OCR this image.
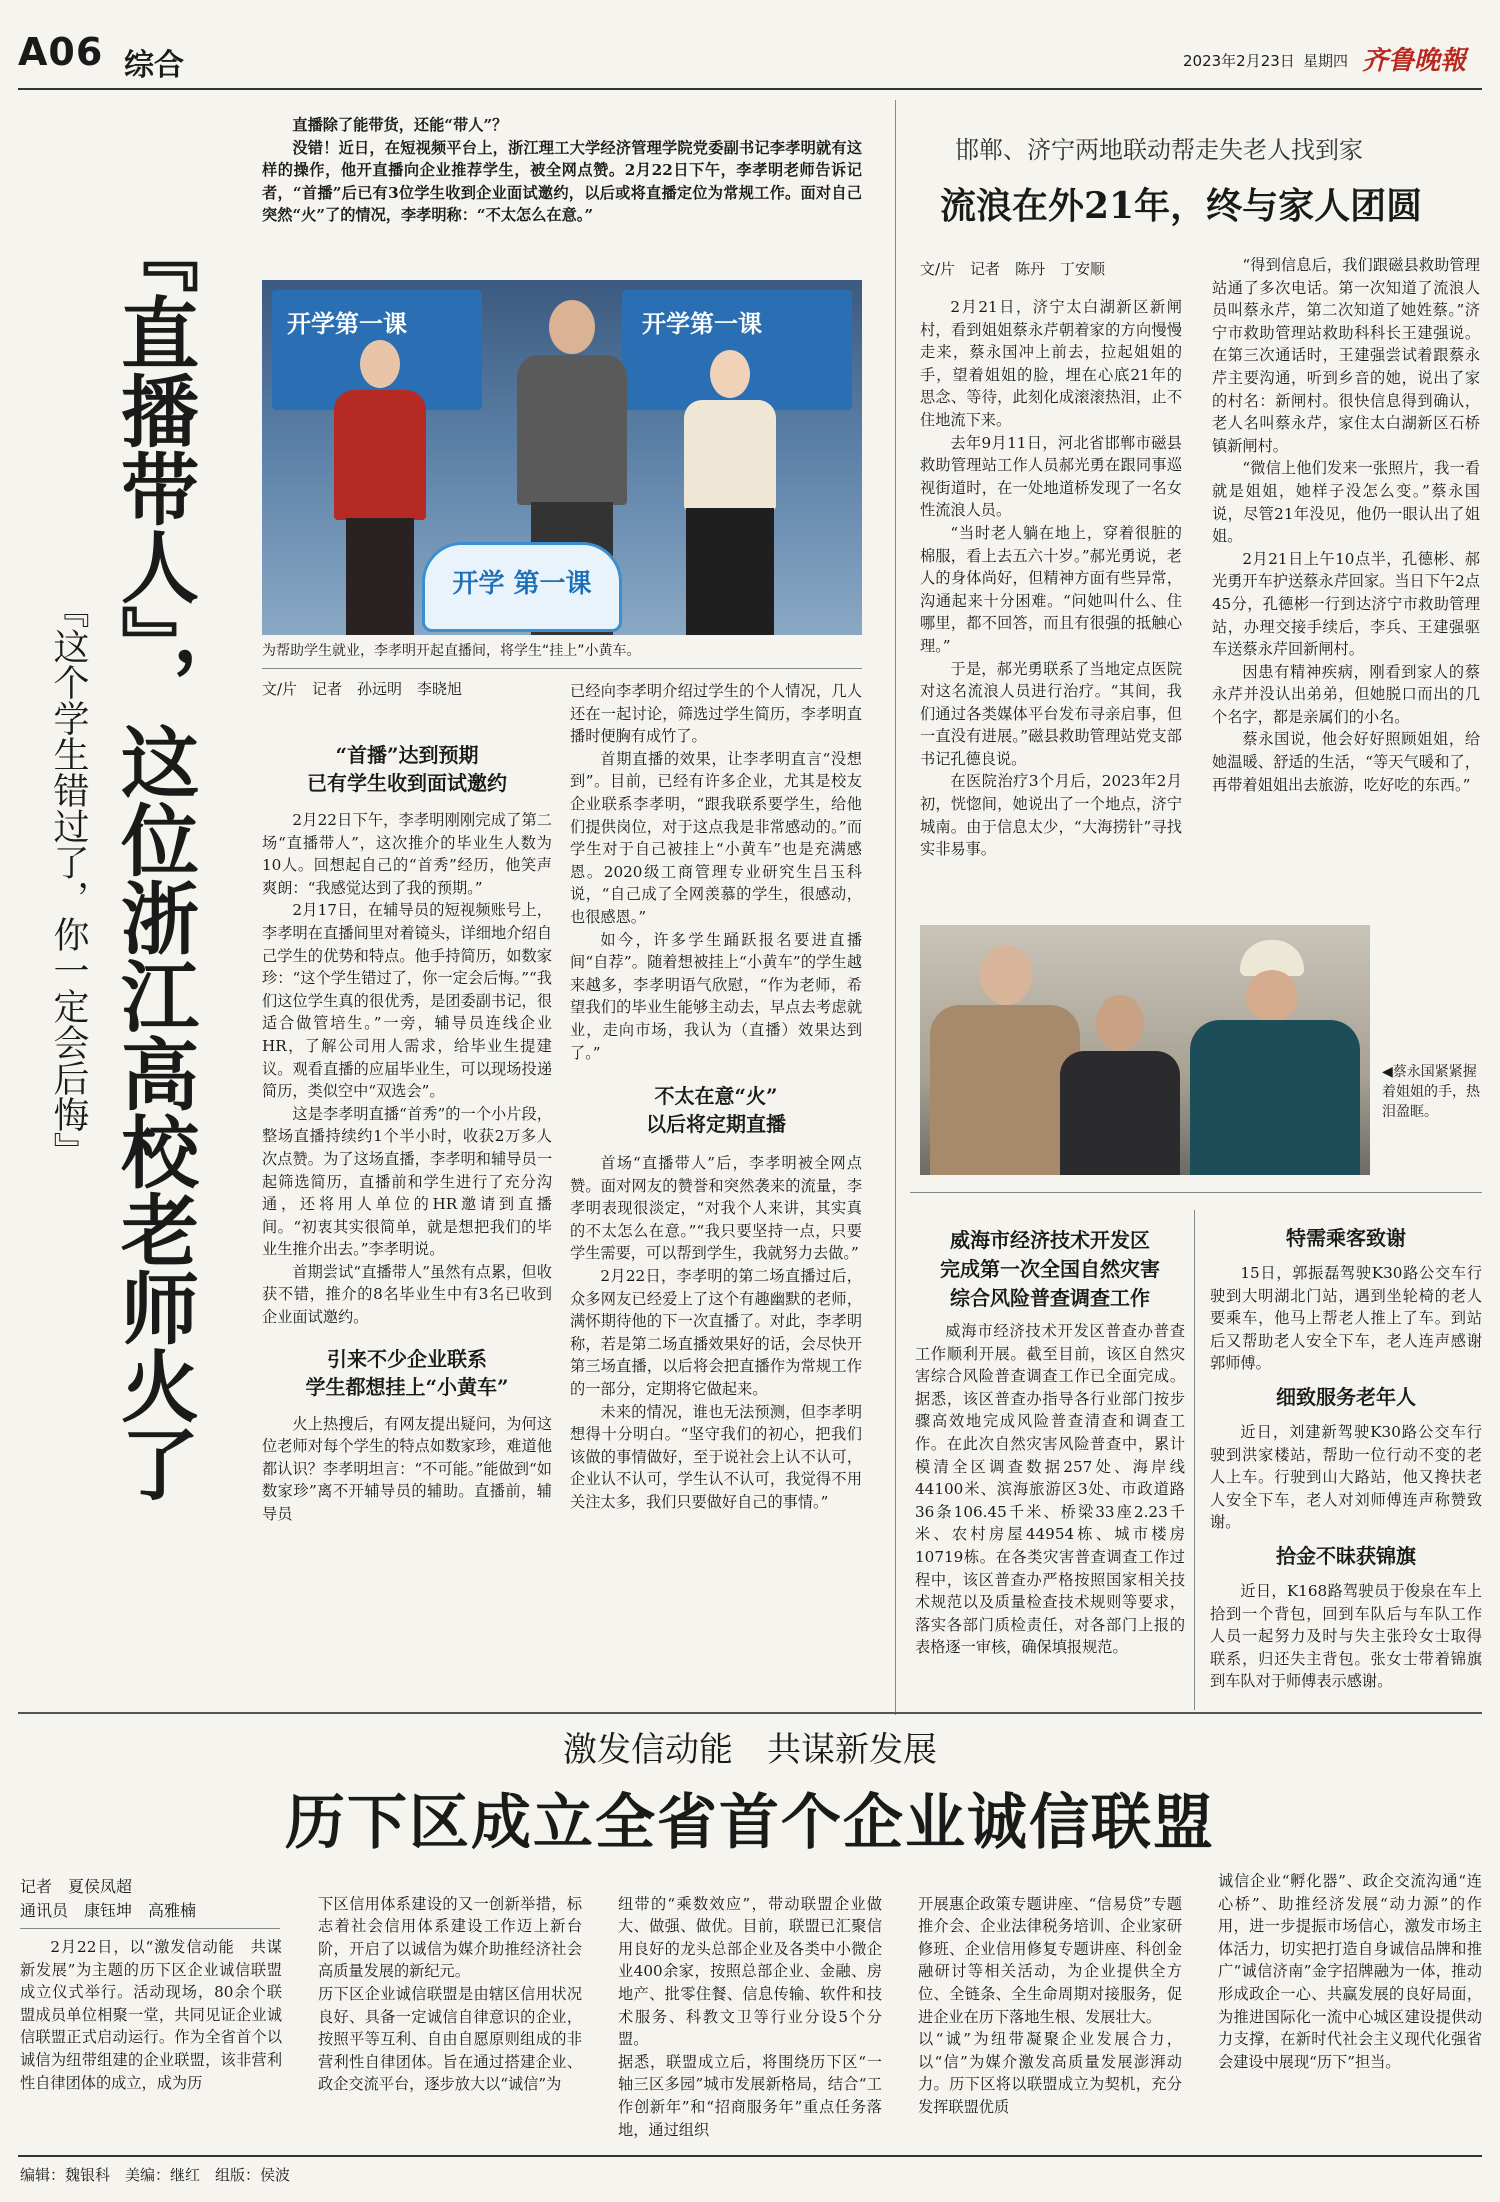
A06 综合	2023年2月23日 星期四 齐鲁晚報
『直播带人』，这位浙江高校老师火了
『这个学生错过了，你一定会后悔』

直播除了能带货，还能“带人”？

没错！近日，在短视频平台上，浙江理工大学经济管理学院党委副书记李孝明就有这样的操作，他开直播向企业推荐学生，被全网点赞。2月22日下午，李孝明老师告诉记者，“首播”后已有3位学生收到企业面试邀约，以后或将直播定位为常规工作。面对自己突然“火”了的情况，李孝明称：“不太怎么在意。”

开学第一课	开学第一课
开学 第一课
为帮助学生就业，李孝明开起直播间，将学生“挂上”小黄车。
文/片　记者　孙远明　李晓旭
“首播”达到预期
已有学生收到面试邀约

2月22日下午，李孝明刚刚完成了第二场“直播带人”，这次推介的毕业生人数为10人。回想起自己的“首秀”经历，他笑声爽朗：“我感觉达到了我的预期。”

2月17日，在辅导员的短视频账号上，李孝明在直播间里对着镜头，详细地介绍自己学生的优势和特点。他手持简历，如数家珍：“这个学生错过了，你一定会后悔。”“我们这位学生真的很优秀，是团委副书记，很适合做管培生。”一旁，辅导员连线企业HR，了解公司用人需求，给毕业生提建议。观看直播的应届毕业生，可以现场投递简历，类似空中“双选会”。

这是李孝明直播“首秀”的一个小片段，整场直播持续约1个半小时，收获2万多人次点赞。为了这场直播，李孝明和辅导员一起筛选简历，直播前和学生进行了充分沟通，还将用人单位的HR邀请到直播间。“初衷其实很简单，就是想把我们的毕业生推介出去。”李孝明说。

首期尝试“直播带人”虽然有点累，但收获不错，推介的8名毕业生中有3名已收到企业面试邀约。

引来不少企业联系
学生都想挂上“小黄车”

火上热搜后，有网友提出疑问，为何这位老师对每个学生的特点如数家珍，难道他都认识？李孝明坦言：“不可能。”能做到“如数家珍”离不开辅导员的辅助。直播前，辅导员

已经向李孝明介绍过学生的个人情况，几人还在一起讨论，筛选过学生简历，李孝明直播时便胸有成竹了。

首期直播的效果，让李孝明直言“没想到”。目前，已经有许多企业，尤其是校友企业联系李孝明，“跟我联系要学生，给他们提供岗位，对于这点我是非常感动的。”而学生对于自己被挂上“小黄车”也是充满感恩。2020级工商管理专业研究生吕玉科说，“自己成了全网羡慕的学生，很感动，也很感恩。”

如今，许多学生踊跃报名要进直播间“自荐”。随着想被挂上“小黄车”的学生越来越多，李孝明语气欣慰，“作为老师，希望我们的毕业生能够主动去，早点去考虑就业，走向市场，我认为（直播）效果达到了。”

不太在意“火”
以后将定期直播

首场“直播带人”后，李孝明被全网点赞。面对网友的赞誉和突然袭来的流量，李孝明表现很淡定，“对我个人来讲，其实真的不太怎么在意。”“我只要坚持一点，只要学生需要，可以帮到学生，我就努力去做。”

2月22日，李孝明的第二场直播过后，众多网友已经爱上了这个有趣幽默的老师，满怀期待他的下一次直播了。对此，李孝明称，若是第二场直播效果好的话，会尽快开第三场直播，以后将会把直播作为常规工作的一部分，定期将它做起来。

未来的情况，谁也无法预测，但李孝明想得十分明白。“坚守我们的初心，把我们该做的事情做好，至于说社会上认不认可，企业认不认可，学生认不认可，我觉得不用关注太多，我们只要做好自己的事情。”

邯郸、济宁两地联动帮走失老人找到家
流浪在外21年，终与家人团圆
文/片　记者　陈丹　丁安顺

2月21日，济宁太白湖新区新闸村，看到姐姐蔡永芹朝着家的方向慢慢走来，蔡永国冲上前去，拉起姐姐的手，望着姐姐的脸，埋在心底21年的思念、等待，此刻化成滚滚热泪，止不住地流下来。

去年9月11日，河北省邯郸市磁县救助管理站工作人员郝光勇在跟同事巡视街道时，在一处地道桥发现了一名女性流浪人员。

“当时老人躺在地上，穿着很脏的棉服，看上去五六十岁。”郝光勇说，老人的身体尚好，但精神方面有些异常，沟通起来十分困难。“问她叫什么、住哪里，都不回答，而且有很强的抵触心理。”

于是，郝光勇联系了当地定点医院对这名流浪人员进行治疗。“其间，我们通过各类媒体平台发布寻亲启事，但一直没有进展。”磁县救助管理站党支部书记孔德良说。

在医院治疗3个月后，2023年2月初，恍惚间，她说出了一个地点，济宁城南。由于信息太少，“大海捞针”寻找实非易事。

“得到信息后，我们跟磁县救助管理站通了多次电话。第一次知道了流浪人员叫蔡永芹，第二次知道了她姓蔡。”济宁市救助管理站救助科科长王建强说。在第三次通话时，王建强尝试着跟蔡永芹主要沟通，听到乡音的她，说出了家的村名：新闸村。很快信息得到确认，老人名叫蔡永芹，家住太白湖新区石桥镇新闸村。

“微信上他们发来一张照片，我一看就是姐姐，她样子没怎么变。”蔡永国说，尽管21年没见，他仍一眼认出了姐姐。

2月21日上午10点半，孔德彬、郝光勇开车护送蔡永芹回家。当日下午2点45分，孔德彬一行到达济宁市救助管理站，办理交接手续后，李兵、王建强驱车送蔡永芹回新闸村。

因患有精神疾病，刚看到家人的蔡永芹并没认出弟弟，但她脱口而出的几个名字，都是亲属们的小名。

蔡永国说，他会好好照顾姐姐，给她温暖、舒适的生活，“等天气暖和了，再带着姐姐出去旅游，吃好吃的东西。”

◀蔡永国紧紧握着姐姐的手，热泪盈眶。
威海市经济技术开发区
完成第一次全国自然灾害
综合风险普查调查工作

威海市经济技术开发区普查办普查工作顺利开展。截至目前，该区自然灾害综合风险普查调查工作已全面完成。据悉，该区普查办指导各行业部门按步骤高效地完成风险普查清查和调查工作。在此次自然灾害风险普查中，累计模清全区调查数据257处、海岸线44100米、滨海旅游区3处、市政道路36条106.45千米、桥梁33座2.23千米、农村房屋44954栋、城市楼房10719栋。在各类灾害普查调查工作过程中，该区普查办严格按照国家相关技术规范以及质量检查技术规则等要求，落实各部门质检责任，对各部门上报的表格逐一审核，确保填报规范。

特需乘客致谢

15日，郭振磊驾驶K30路公交车行驶到大明湖北门站，遇到坐轮椅的老人要乘车，他马上帮老人推上了车。到站后又帮助老人安全下车，老人连声感谢郭师傅。

细致服务老年人

近日，刘建新驾驶K30路公交车行驶到洪家楼站，帮助一位行动不变的老人上车。行驶到山大路站，他又搀扶老人安全下车，老人对刘师傅连声称赞致谢。

拾金不昧获锦旗

近日，K168路驾驶员于俊泉在车上拾到一个背包，回到车队后与车队工作人员一起努力及时与失主张玲女士取得联系，归还失主背包。张女士带着锦旗到车队对于师傅表示感谢。

激发信动能　共谋新发展
历下区成立全省首个企业诚信联盟
记者　夏侯凤超
通讯员　康钰坤　高雅楠

2月22日，以“激发信动能　共谋新发展”为主题的历下区企业诚信联盟成立仪式举行。活动现场，80余个联盟成员单位相聚一堂，共同见证企业诚信联盟正式启动运行。作为全省首个以诚信为纽带组建的企业联盟，该非营利性自律团体的成立，成为历

下区信用体系建设的又一创新举措，标志着社会信用体系建设工作迈上新台阶，开启了以诚信为媒介助推经济社会高质量发展的新纪元。
历下区企业诚信联盟是由辖区信用状况良好、具备一定诚信自律意识的企业，按照平等互利、自由自愿原则组成的非营利性自律团体。旨在通过搭建企业、政企交流平台，逐步放大以“诚信”为

纽带的“乘数效应”，带动联盟企业做大、做强、做优。目前，联盟已汇聚信用良好的龙头总部企业及各类中小微企业400余家，按照总部企业、金融、房地产、批零住餐、信息传输、软件和技术服务、科教文卫等行业分设5个分盟。
据悉，联盟成立后，将围绕历下区“一轴三区多园”城市发展新格局，结合“工作创新年”和“招商服务年”重点任务落地，通过组织

开展惠企政策专题讲座、“信易贷”专题推介会、企业法律税务培训、企业家研修班、企业信用修复专题讲座、科创金融研讨等相关活动，为企业提供全方位、全链条、全生命周期对接服务，促进企业在历下落地生根、发展壮大。
以“诚”为纽带凝聚企业发展合力，以“信”为媒介激发高质量发展澎湃动力。历下区将以联盟成立为契机，充分发挥联盟优质

诚信企业“孵化器”、政企交流沟通“连心桥”、助推经济发展“动力源”的作用，进一步提振市场信心，激发市场主体活力，切实把打造自身诚信品牌和推广“诚信济南”金字招牌融为一体，推动形成政企一心、共赢发展的良好局面，为推进国际化一流中心城区建设提供动力支撑，在新时代社会主义现代化强省会建设中展现“历下”担当。

编辑：魏银科　美编：继红　组版：侯波
